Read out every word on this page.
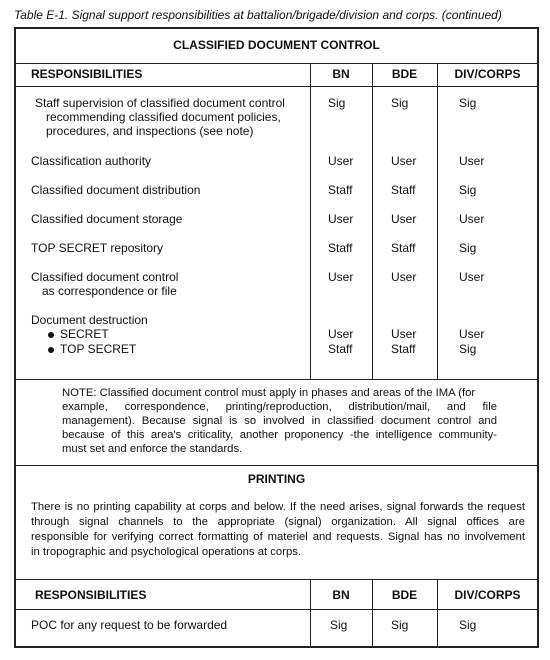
Table E-1. Signal support responsibilities at battalion/brigade/division and corps. (continued)
CLASSIFIED DOCUMENT CONTROL
RESPONSIBILITIES	BN	BDE	DIV/CORPS
Staff supervision of classified document control
recommending classified document policies,
procedures, and inspections (see note)
Sig	Sig	Sig
Classification authority	User	User	User
Classified document distribution	Staff	Staff	Sig
Classified document storage	User	User	User
TOP SECRET repository	Staff	Staff	Sig
Classified document control
as correspondence or file
User	User	User
Document destruction
SECRET	User	User	User
TOP SECRET	Staff	Staff	Sig
NOTE: Classified document control must apply in phases and areas of the IMA (for
example, correspondence, printing/reproduction, distribution/mail, and file
management). Because signal is so involved in classified document control and
because of this area's criticality, another proponency -the intelligence community-
must set and enforce the standards.
PRINTING
There is no printing capability at corps and below. If the need arises, signal forwards the request
through signal channels to the appropriate (signal) organization. All signal offices are
responsible for verifying correct formatting of materiel and requests. Signal has no involvement
in tropographic and psychological operations at corps.
RESPONSIBILITIES	BN	BDE	DIV/CORPS
POC for any request to be forwarded	Sig	Sig	Sig
